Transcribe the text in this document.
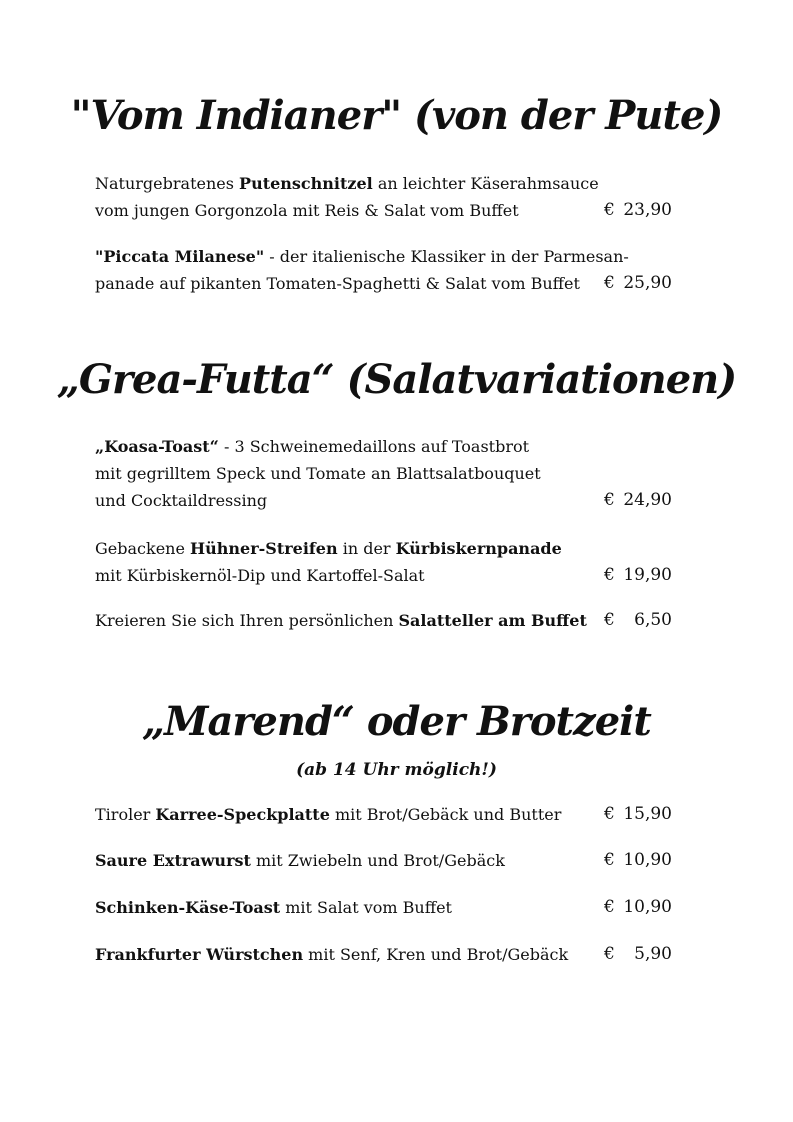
"Vom Indianer" (von der Pute)
Naturgebratenes Putenschnitzel an leichter Käserahmsauce
vom jungen Gorgonzola mit Reis & Salat vom Buffet	€ 23,90
"Piccata Milanese" - der italienische Klassiker in der Parmesan-
panade auf pikanten Tomaten-Spaghetti & Salat vom Buffet	€ 25,90
„Grea-Futta“ (Salatvariationen)
„Koasa-Toast“ - 3 Schweinemedaillons auf Toastbrot
mit gegrilltem Speck und Tomate an Blattsalatbouquet
und Cocktaildressing	€ 24,90
Gebackene Hühner-Streifen in der Kürbiskernpanade
mit Kürbiskernöl-Dip und Kartoffel-Salat	€ 19,90
Kreieren Sie sich Ihren persönlichen Salatteller am Buffet	€ 6,50
„Marend“ oder Brotzeit
(ab 14 Uhr möglich!)
Tiroler Karree-Speckplatte mit Brot/Gebäck und Butter	€ 15,90
Saure Extrawurst mit Zwiebeln und Brot/Gebäck	€ 10,90
Schinken-Käse-Toast mit Salat vom Buffet	€ 10,90
Frankfurter Würstchen mit Senf, Kren und Brot/Gebäck	€ 5,90
